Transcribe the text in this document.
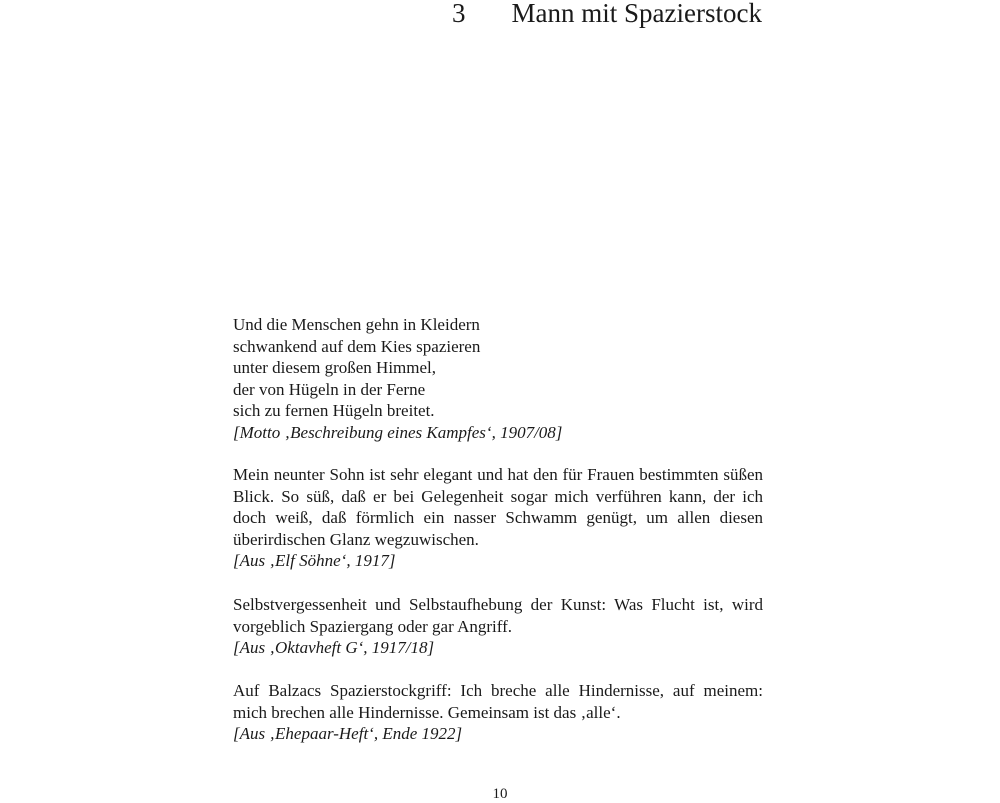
3 Mann mit Spazierstock
Und die Menschen gehn in Kleidern
schwankend auf dem Kies spazieren
unter diesem großen Himmel,
der von Hügeln in der Ferne
sich zu fernen Hügeln breitet.
[Motto ‚Beschreibung eines Kampfes‘, 1907/08]
Mein neunter Sohn ist sehr elegant und hat den für Frauen bestimmten süßen Blick. So süß, daß er bei Gelegenheit sogar mich verführen kann, der ich doch weiß, daß förmlich ein nasser Schwamm genügt, um allen diesen überirdischen Glanz wegzuwischen.
[Aus ‚Elf Söhne‘, 1917]
Selbstvergessenheit und Selbstaufhebung der Kunst: Was Flucht ist, wird vorgeblich Spaziergang oder gar Angriff.
[Aus ‚Oktavheft G‘, 1917/18]
Auf Balzacs Spazierstockgriff: Ich breche alle Hindernisse, auf meinem: mich brechen alle Hindernisse. Gemeinsam ist das ‚alle‘.
[Aus ‚Ehepaar-Heft‘, Ende 1922]
10
